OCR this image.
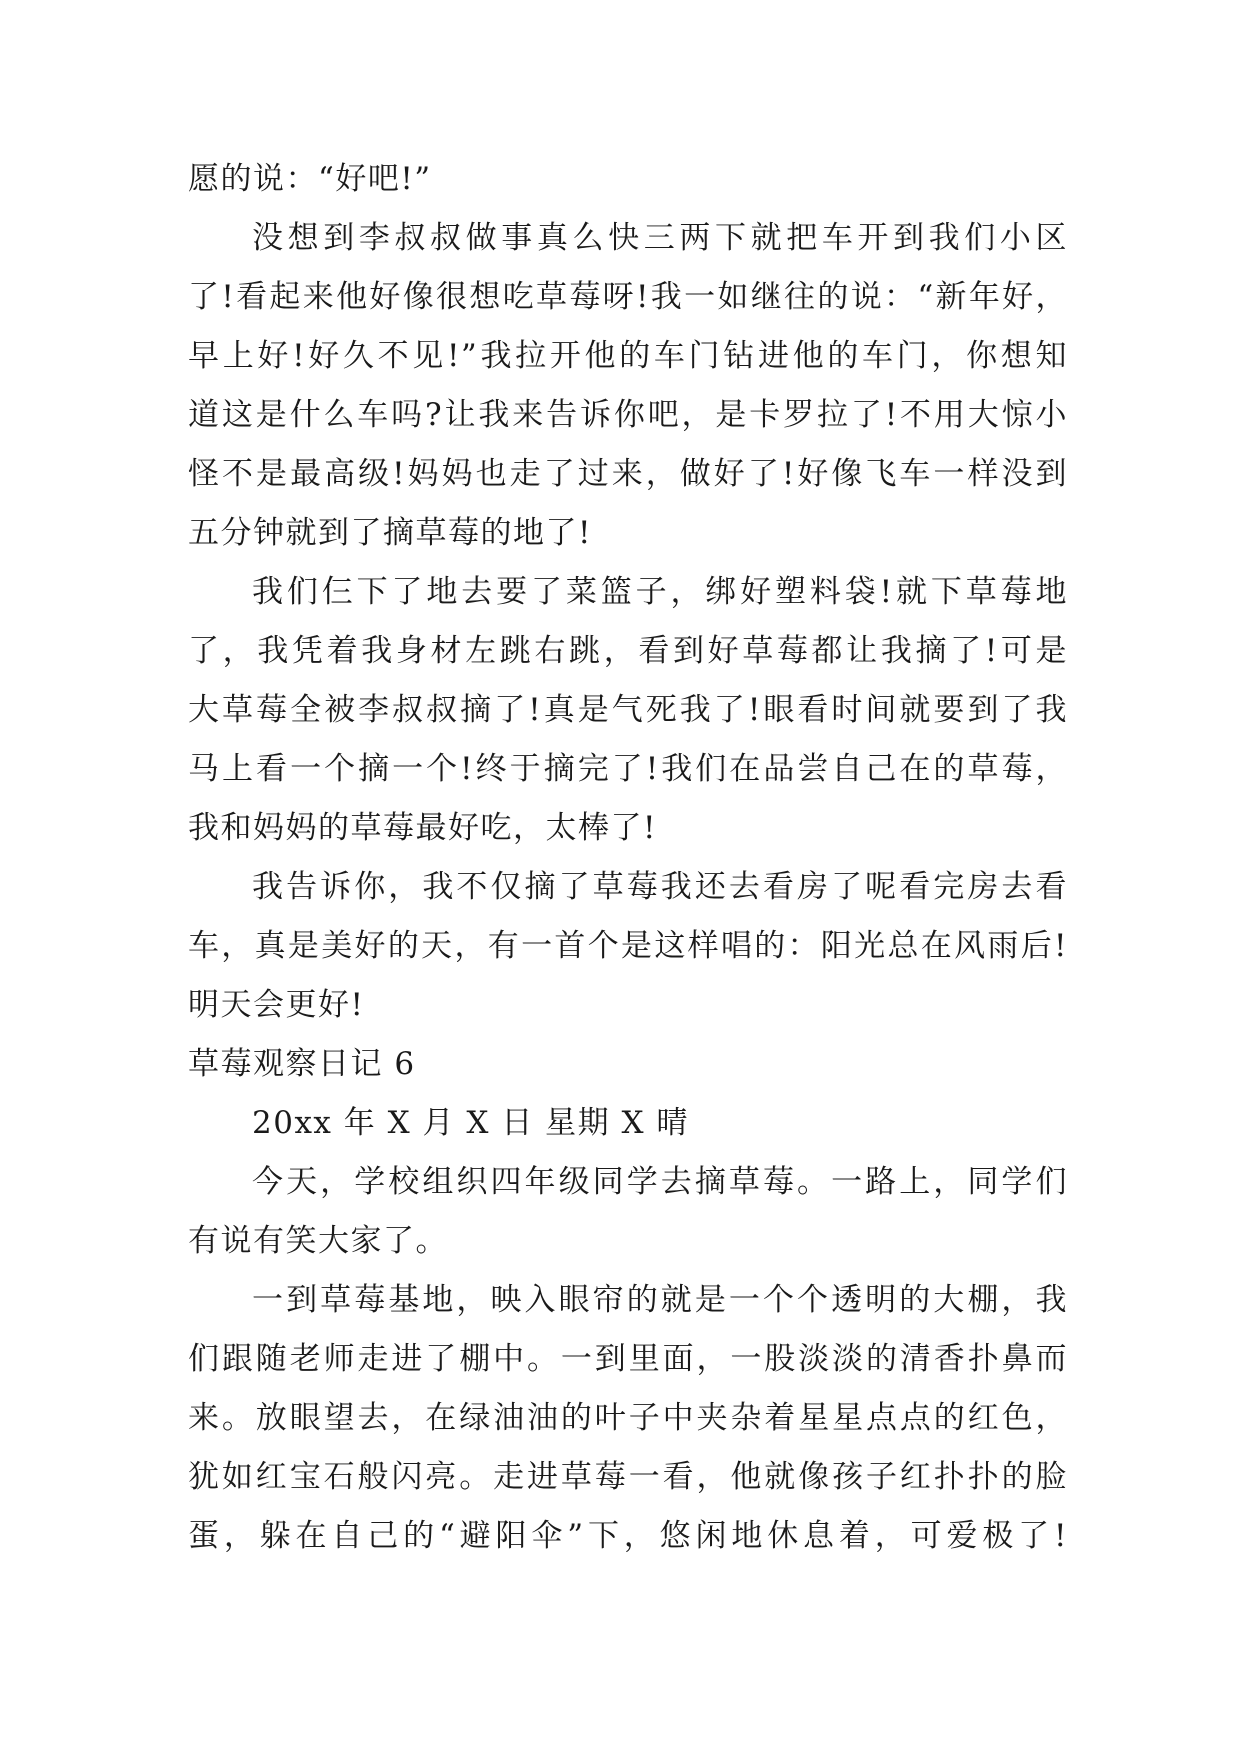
愿的说：“好吧!”

没想到李叔叔做事真么快三两下就把车开到我们小区

了!看起来他好像很想吃草莓呀!我一如继往的说：“新年好，

早上好!好久不见!”我拉开他的车门钻进他的车门，你想知

道这是什么车吗?让我来告诉你吧，是卡罗拉了!不用大惊小

怪不是最高级!妈妈也走了过来，做好了!好像飞车一样没到

五分钟就到了摘草莓的地了!

我们仨下了地去要了菜篮子，绑好塑料袋!就下草莓地

了，我凭着我身材左跳右跳，看到好草莓都让我摘了!可是

大草莓全被李叔叔摘了!真是气死我了!眼看时间就要到了我

马上看一个摘一个!终于摘完了!我们在品尝自己在的草莓，

我和妈妈的草莓最好吃，太棒了!

我告诉你，我不仅摘了草莓我还去看房了呢看完房去看

车，真是美好的天，有一首个是这样唱的：阳光总在风雨后!

明天会更好!

草莓观察日记 6

20xx 年 X 月 X 日 星期 X 晴

今天，学校组织四年级同学去摘草莓。一路上，同学们

有说有笑大家了。

一到草莓基地，映入眼帘的就是一个个透明的大棚，我

们跟随老师走进了棚中。一到里面，一股淡淡的清香扑鼻而

来。放眼望去，在绿油油的叶子中夹杂着星星点点的红色，

犹如红宝石般闪亮。走进草莓一看，他就像孩子红扑扑的脸

蛋，躲在自己的“避阳伞”下，悠闲地休息着，可爱极了!
